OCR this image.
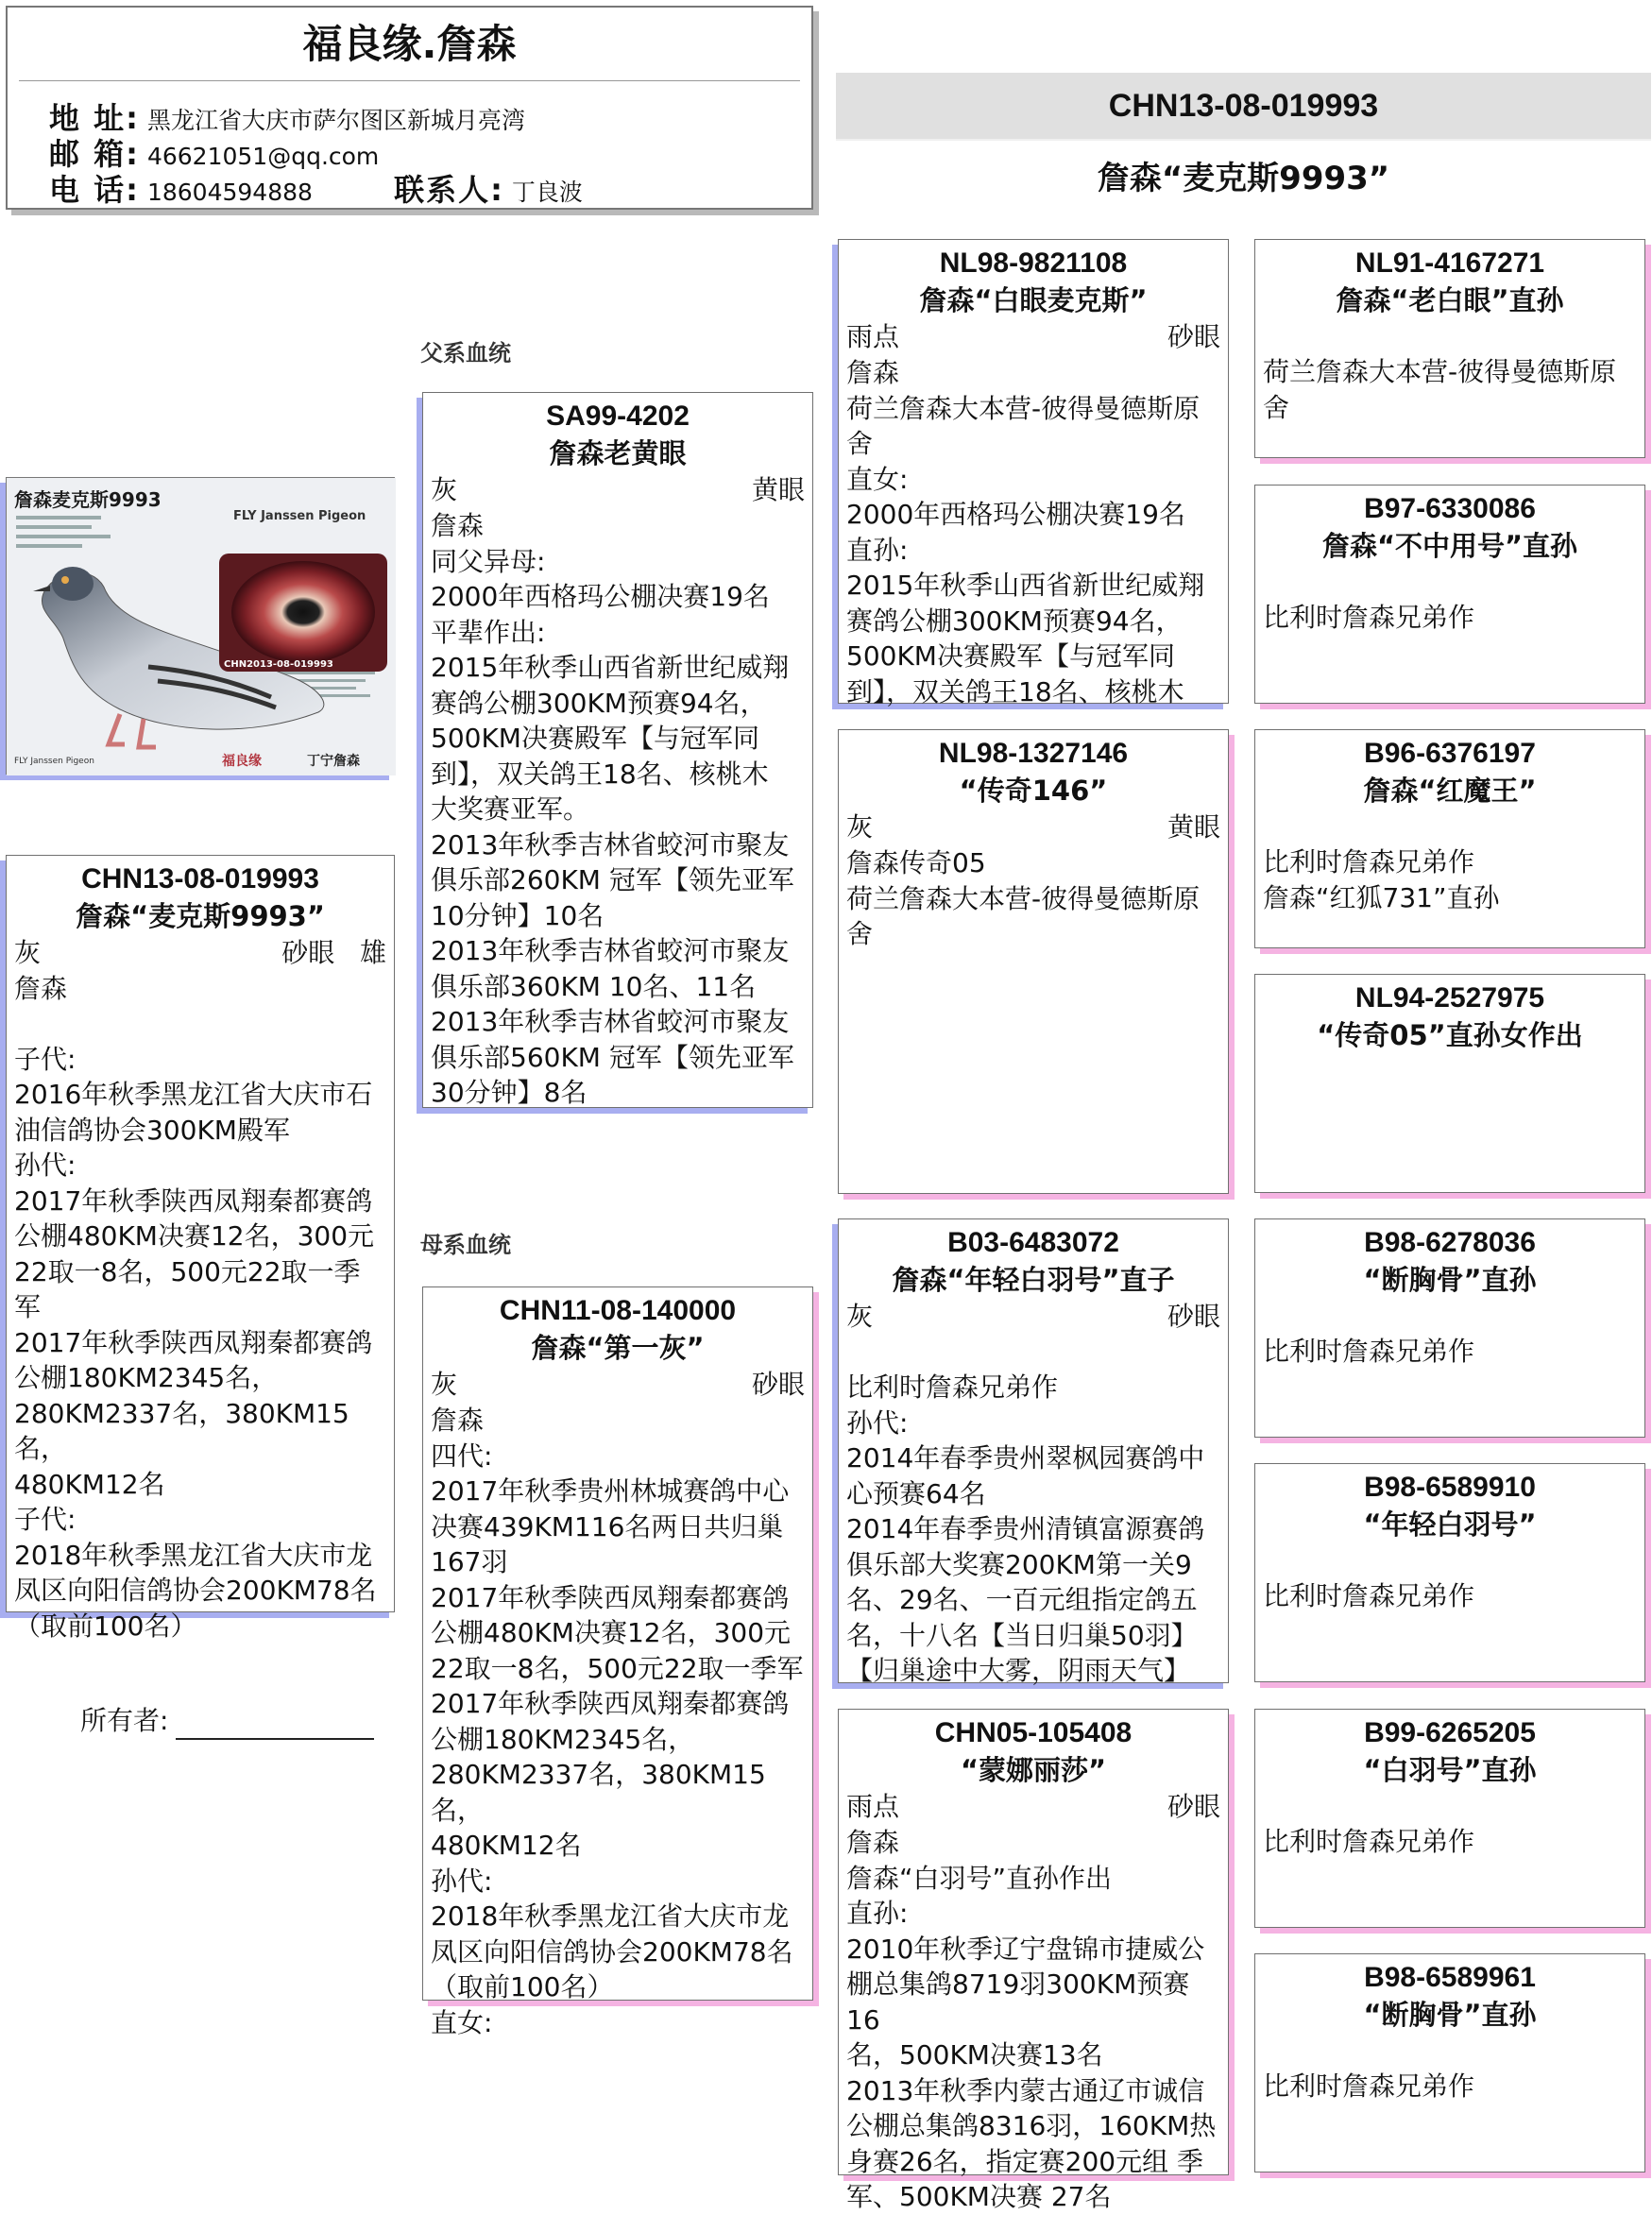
福良缘.詹森
地 址: 黑龙江省大庆市萨尔图区新城月亮湾
邮 箱: 46621051@qq.com
电 话: 18604594888	联系人: 丁良波
CHN13-08-019993
詹森“麦克斯9993”
父系血统
母系血统
詹森麦克斯9993
FLY Janssen Pigeon
CHN2013-08-019993
FLY Janssen Pigeon	福良缘	丁宁詹森
CHN13-08-019993
詹森“麦克斯9993”
灰	砂眼 雄
詹森
子代:
2016年秋季黑龙江省大庆市石
油信鸽协会300KM殿军
孙代:
2017年秋季陕西凤翔秦都赛鸽
公棚480KM决赛12名，300元
22取一8名，500元22取一季军
2017年秋季陕西凤翔秦都赛鸽
公棚180KM2345名，
280KM2337名，380KM15名，
480KM12名
子代:
2018年秋季黑龙江省大庆市龙
凤区向阳信鸽协会200KM78名
（取前100名）
所有者:
SA99-4202
詹森老黄眼
灰	黄眼
詹森
同父异母:
2000年西格玛公棚决赛19名
平辈作出:
2015年秋季山西省新世纪威翔
赛鸽公棚300KM预赛94名，
500KM决赛殿军【与冠军同
到】，双关鸽王18名、核桃木
大奖赛亚军。
2013年秋季吉林省蛟河市聚友
俱乐部260KM 冠军【领先亚军
10分钟】10名
2013年秋季吉林省蛟河市聚友
俱乐部360KM 10名、11名
2013年秋季吉林省蛟河市聚友
俱乐部560KM 冠军【领先亚军
30分钟】8名
CHN11-08-140000
詹森“第一灰”
灰	砂眼
詹森
四代:
2017年秋季贵州林城赛鸽中心
决赛439KM116名两日共归巢
167羽
2017年秋季陕西凤翔秦都赛鸽
公棚480KM决赛12名，300元
22取一8名，500元22取一季军
2017年秋季陕西凤翔秦都赛鸽
公棚180KM2345名，
280KM2337名，380KM15名，
480KM12名
孙代:
2018年秋季黑龙江省大庆市龙
凤区向阳信鸽协会200KM78名
（取前100名）
直女:
NL98-9821108
詹森“白眼麦克斯”
雨点	砂眼
詹森
荷兰詹森大本营-彼得曼德斯原
舍
直女:
2000年西格玛公棚决赛19名
直孙:
2015年秋季山西省新世纪威翔
赛鸽公棚300KM预赛94名，
500KM决赛殿军【与冠军同
到】，双关鸽王18名、核桃木
NL98-1327146
“传奇146”
灰	黄眼
詹森传奇05
荷兰詹森大本营-彼得曼德斯原
舍
B03-6483072
詹森“年轻白羽号”直子
灰	砂眼
比利时詹森兄弟作
孙代:
2014年春季贵州翠枫园赛鸽中
心预赛64名
2014年春季贵州清镇富源赛鸽
俱乐部大奖赛200KM第一关9
名、29名、一百元组指定鸽五
名，十八名【当日归巢50羽】
【归巢途中大雾，阴雨天气】
CHN05-105408
“蒙娜丽莎”
雨点	砂眼
詹森
詹森“白羽号”直孙作出
直孙:
2010年秋季辽宁盘锦市捷威公
棚总集鸽8719羽300KM预赛16
名，500KM决赛13名
2013年秋季内蒙古通辽市诚信
公棚总集鸽8316羽，160KM热
身赛26名，指定赛200元组 季
军、500KM决赛 27名
NL91-4167271
詹森“老白眼”直孙
荷兰詹森大本营-彼得曼德斯原
舍
B97-6330086
詹森“不中用号”直孙
比利时詹森兄弟作
B96-6376197
詹森“红魔王”
比利时詹森兄弟作
詹森“红狐731”直孙
NL94-2527975
“传奇05”直孙女作出
B98-6278036
“断胸骨”直孙
比利时詹森兄弟作
B98-6589910
“年轻白羽号”
比利时詹森兄弟作
B99-6265205
“白羽号”直孙
比利时詹森兄弟作
B98-6589961
“断胸骨”直孙
比利时詹森兄弟作
